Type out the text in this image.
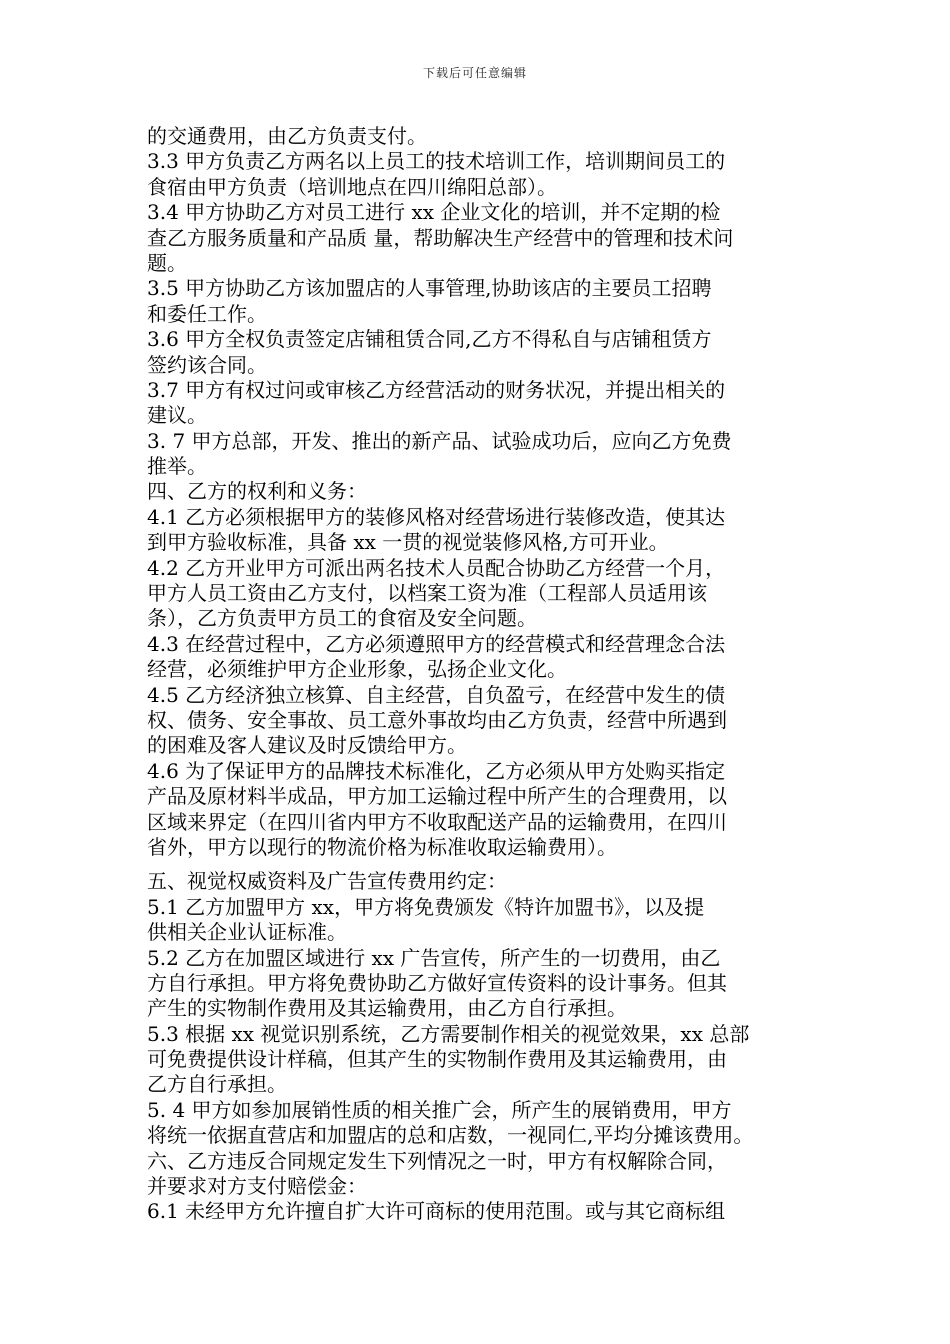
下载后可任意编辑
的交通费用，由乙方负责支付。
3.3 甲方负责乙方两名以上员工的技术培训工作，培训期间员工的
食宿由甲方负责（培训地点在四川绵阳总部）。
3.4 甲方协助乙方对员工进行 xx 企业文化的培训，并不定期的检
查乙方服务质量和产品质 量，帮助解决生产经营中的管理和技术问
题。
3.5 甲方协助乙方该加盟店的人事管理,协助该店的主要员工招聘
和委任工作。
3.6 甲方全权负责签定店铺租赁合同,乙方不得私自与店铺租赁方
签约该合同。
3.7 甲方有权过问或审核乙方经营活动的财务状况，并提出相关的
建议。
3. 7 甲方总部，开发、推出的新产品、试验成功后，应向乙方免费
推举。
四、乙方的权利和义务：
4.1 乙方必须根据甲方的装修风格对经营场进行装修改造，使其达
到甲方验收标准，具备 xx 一贯的视觉装修风格,方可开业。
4.2 乙方开业甲方可派出两名技术人员配合协助乙方经营一个月，
甲方人员工资由乙方支付，以档案工资为准（工程部人员适用该
条），乙方负责甲方员工的食宿及安全问题。
4.3 在经营过程中，乙方必须遵照甲方的经营模式和经营理念合法
经营，必须维护甲方企业形象，弘扬企业文化。
4.5 乙方经济独立核算、自主经营，自负盈亏，在经营中发生的债
权、债务、安全事故、员工意外事故均由乙方负责，经营中所遇到
的困难及客人建议及时反馈给甲方。
4.6 为了保证甲方的品牌技术标准化，乙方必须从甲方处购买指定
产品及原材料半成品，甲方加工运输过程中所产生的合理费用，以
区域来界定（在四川省内甲方不收取配送产品的运输费用，在四川
省外，甲方以现行的物流价格为标准收取运输费用）。
五、视觉权威资料及广告宣传费用约定：
5.1 乙方加盟甲方 xx，甲方将免费颁发《特许加盟书》，以及提
供相关企业认证标准。
5.2 乙方在加盟区域进行 xx 广告宣传，所产生的一切费用，由乙
方自行承担。甲方将免费协助乙方做好宣传资料的设计事务。但其
产生的实物制作费用及其运输费用，由乙方自行承担。
5.3 根据 xx 视觉识别系统，乙方需要制作相关的视觉效果，xx 总部
可免费提供设计样稿，但其产生的实物制作费用及其运输费用，由
乙方自行承担。
5. 4 甲方如参加展销性质的相关推广会，所产生的展销费用，甲方
将统一依据直营店和加盟店的总和店数，一视同仁,平均分摊该费用。
六、乙方违反合同规定发生下列情况之一时，甲方有权解除合同，
并要求对方支付赔偿金：
6.1 未经甲方允许擅自扩大许可商标的使用范围。或与其它商标组
